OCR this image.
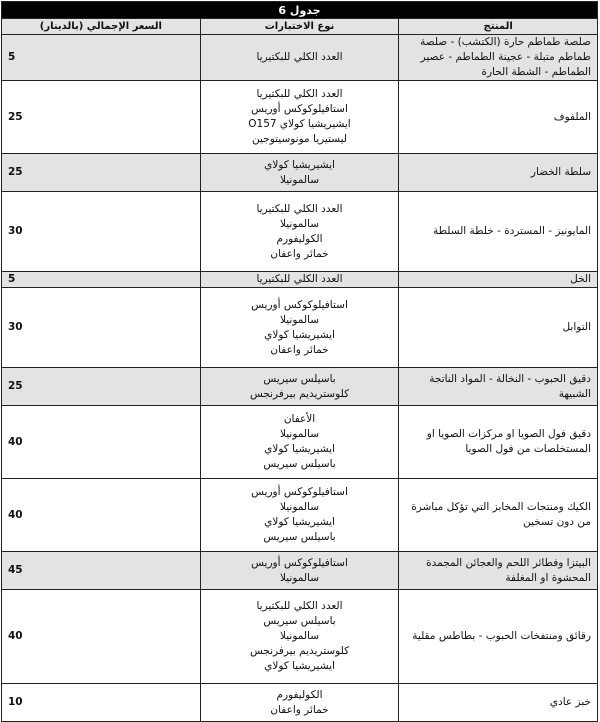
جدول 6		
المنتج	نوع الاختبارات	السعر الإجمالي (بالدينار)
صلصة طماطم حارة (الكتشب) - صلصة طماطم متبلة - عجينة الطماطم - عصير الطماطم - الشطة الحارة	العدد الكلي للبكتيريا	5
الملفوف	العدد الكلي للبكتيريا
استافيلوكوكس أوريس
ايشيريشيا كولاي O157
ليستيريا مونوسيتوجين	25
سلطة الخضار	ايشيريشيا كولاي
سالمونيلا	25
المايونيز - المستردة - خلطة السلطة	العدد الكلي للبكتيريا
سالمونيلا
الكوليفورم
خمائر واعفان	30
الخل	العدد الكلي للبكتيريا	5
التوابل	استافيلوكوكس أوريس
سالمونيلا
ايشيريشيا كولاي
خمائر واعفان	30
دقيق الحبوب - النخالة - المواد الناتجة الشبيهة	باسيلس سيريس
كلوستريديم بيرفرنجس	25
دقيق فول الصويا او مركزات الصويا او المستخلصات من فول الصويا	الأعفان
سالمونيلا
ايشيريشيا كولاي
باسيلس سيريس	40
الكيك ومنتجات المخابز التي تؤكل مباشرة من دون تسخين	استافيلوكوكس أوريس
سالمونيلا
ايشيريشيا كولاي
باسيلس سيريس	40
البيتزا وفطائر اللحم والعجائن المجمدة المحشوة او المغلفة	استافيلوكوكس أوريس
سالمونيلا	45
رقائق ومنتفخات الحبوب - بطاطس مقلية	العدد الكلي للبكتيريا
باسيلس سيريس
سالمونيلا
كلوستريديم بيرفرنجس
ايشيريشيا كولاي	40
خبز عادي	الكوليفورم
خمائر واعفان	10
